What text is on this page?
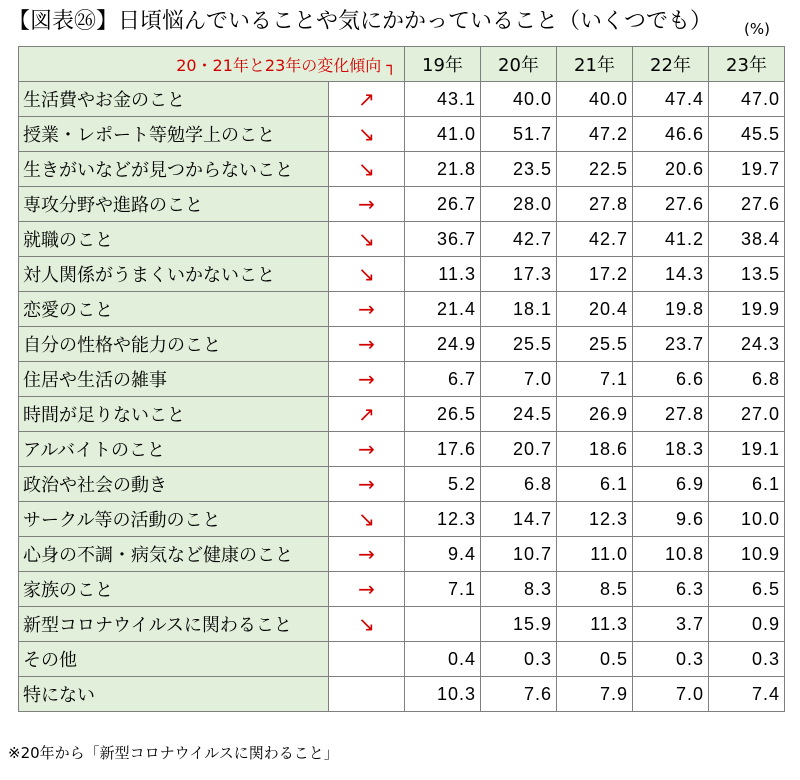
【図表㉖】日頃悩んでいることや気にかかっていること（いくつでも） (%)
20・21年と23年の変化傾向 ┐		19年	20年	21年	22年	23年
生活費やお金のこと	↗	43.1	40.0	40.0	47.4	47.0
授業・レポート等勉学上のこと	↘	41.0	51.7	47.2	46.6	45.5
生きがいなどが見つからないこと	↘	21.8	23.5	22.5	20.6	19.7
専攻分野や進路のこと	→	26.7	28.0	27.8	27.6	27.6
就職のこと	↘	36.7	42.7	42.7	41.2	38.4
対人関係がうまくいかないこと	↘	11.3	17.3	17.2	14.3	13.5
恋愛のこと	→	21.4	18.1	20.4	19.8	19.9
自分の性格や能力のこと	→	24.9	25.5	25.5	23.7	24.3
住居や生活の雑事	→	6.7	7.0	7.1	6.6	6.8
時間が足りないこと	↗	26.5	24.5	26.9	27.8	27.0
アルバイトのこと	→	17.6	20.7	18.6	18.3	19.1
政治や社会の動き	→	5.2	6.8	6.1	6.9	6.1
サークル等の活動のこと	↘	12.3	14.7	12.3	9.6	10.0
心身の不調・病気など健康のこと	→	9.4	10.7	11.0	10.8	10.9
家族のこと	→	7.1	8.3	8.5	6.3	6.5
新型コロナウイルスに関わること	↘		15.9	11.3	3.7	0.9
その他		0.4	0.3	0.5	0.3	0.3
特にない		10.3	7.6	7.9	7.0	7.4
※20年から「新型コロナウイルスに関わること」
